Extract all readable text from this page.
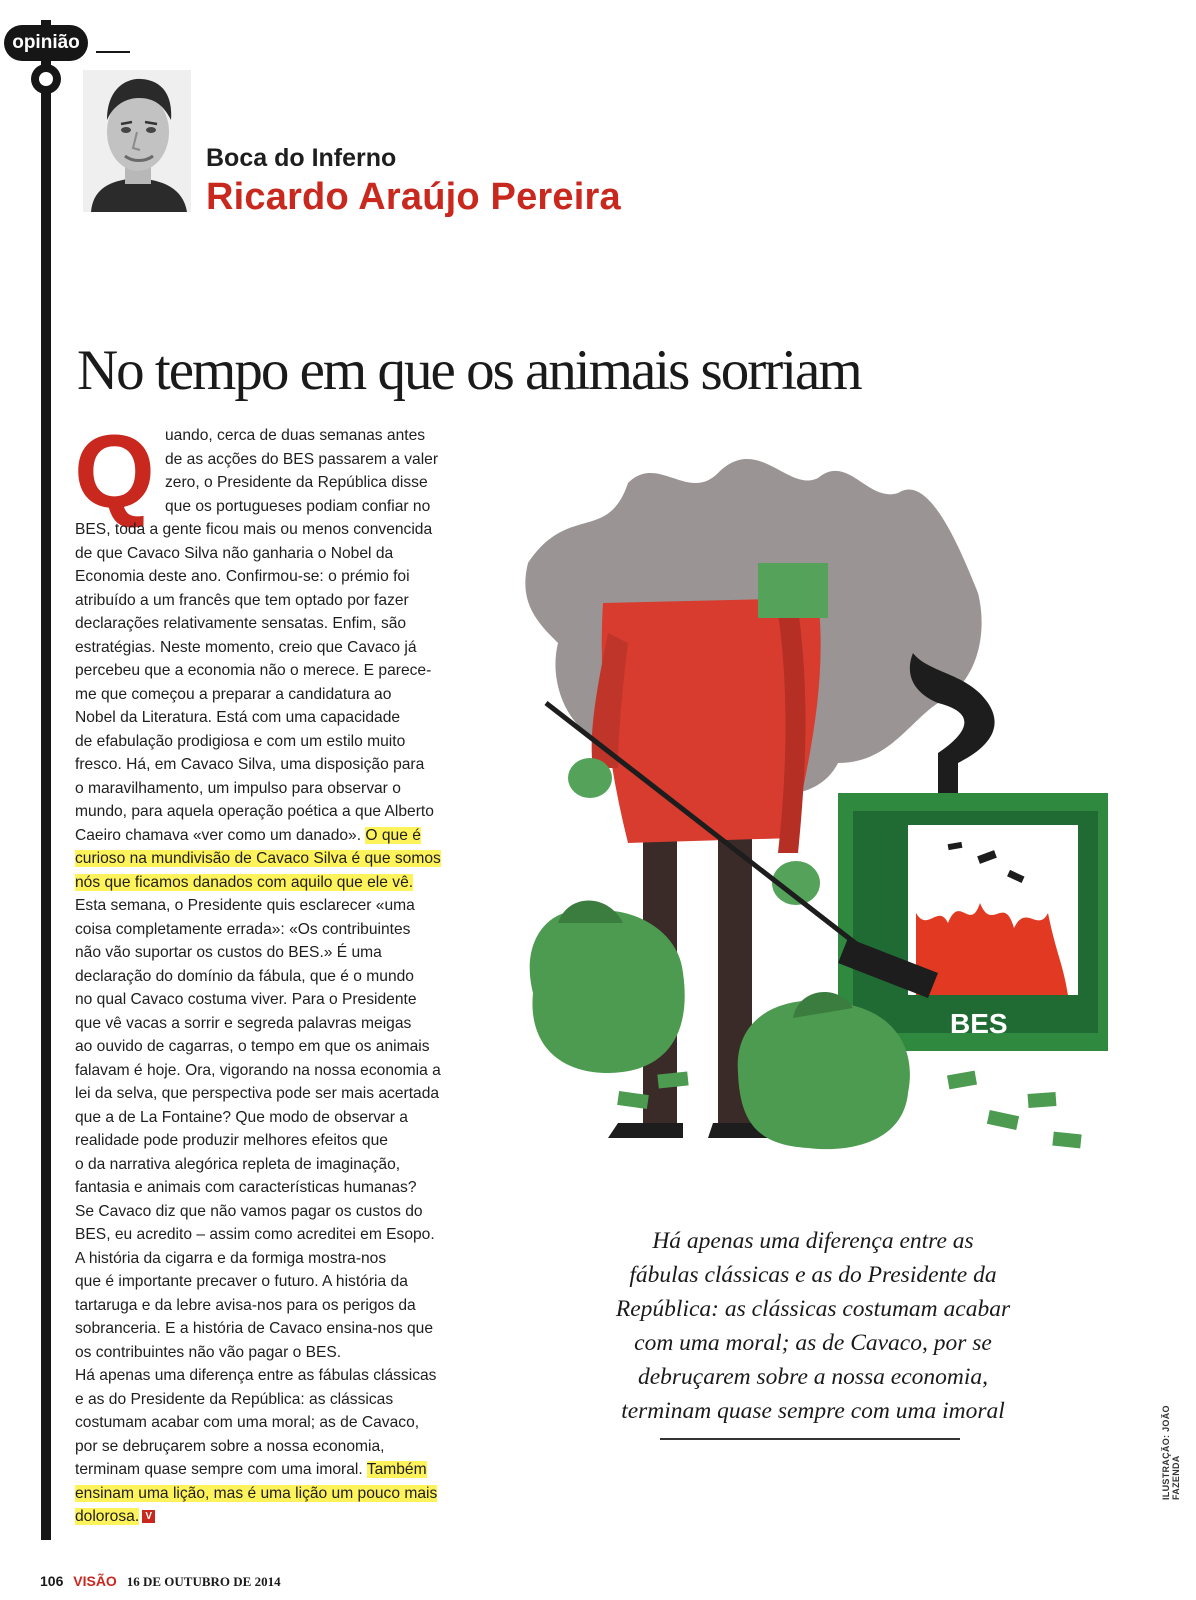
opinião
Boca do Inferno
Ricardo Araújo Pereira
No tempo em que os animais sorriam
Q uando, cerca de duas semanas antes
de as acções do BES passarem a valer
zero, o Presidente da República disse
que os portugueses podiam confiar no
BES, toda a gente ficou mais ou menos convencida
de que Cavaco Silva não ganharia o Nobel da
Economia deste ano. Confirmou-se: o prémio foi
atribuído a um francês que tem optado por fazer
declarações relativamente sensatas. Enfim, são
estratégias. Neste momento, creio que Cavaco já
percebeu que a economia não o merece. E parece-
me que começou a preparar a candidatura ao
Nobel da Literatura. Está com uma capacidade
de efabulação prodigiosa e com um estilo muito
fresco. Há, em Cavaco Silva, uma disposição para
o maravilhamento, um impulso para observar o
mundo, para aquela operação poética a que Alberto
Caeiro chamava «ver como um danado». O que é
curioso na mundivisão de Cavaco Silva é que somos
nós que ficamos danados com aquilo que ele vê.
Esta semana, o Presidente quis esclarecer «uma
coisa completamente errada»: «Os contribuintes
não vão suportar os custos do BES.» É uma
declaração do domínio da fábula, que é o mundo
no qual Cavaco costuma viver. Para o Presidente
que vê vacas a sorrir e segreda palavras meigas
ao ouvido de cagarras, o tempo em que os animais
falavam é hoje. Ora, vigorando na nossa economia a
lei da selva, que perspectiva pode ser mais acertada
que a de La Fontaine? Que modo de observar a
realidade pode produzir melhores efeitos que
o da narrativa alegórica repleta de imaginação,
fantasia e animais com características humanas?
Se Cavaco diz que não vamos pagar os custos do
BES, eu acredito – assim como acreditei em Esopo.
A história da cigarra e da formiga mostra-nos
que é importante precaver o futuro. A história da
tartaruga e da lebre avisa-nos para os perigos da
sobranceria. E a história de Cavaco ensina-nos que
os contribuintes não vão pagar o BES.
Há apenas uma diferença entre as fábulas clássicas
e as do Presidente da República: as clássicas
costumam acabar com uma moral; as de Cavaco,
por se debruçarem sobre a nossa economia,
terminam quase sempre com uma imoral. Também
ensinam uma lição, mas é uma lição um pouco mais
dolorosa. V
BES
Há apenas uma diferença entre as
fábulas clássicas e as do Presidente da
República: as clássicas costumam acabar
com uma moral; as de Cavaco, por se
debruçarem sobre a nossa economia,
terminam quase sempre com uma imoral	ILUSTRAÇÃO: JOÃO FAZENDA
106 VISÃO 16 DE OUTUBRO DE 2014
